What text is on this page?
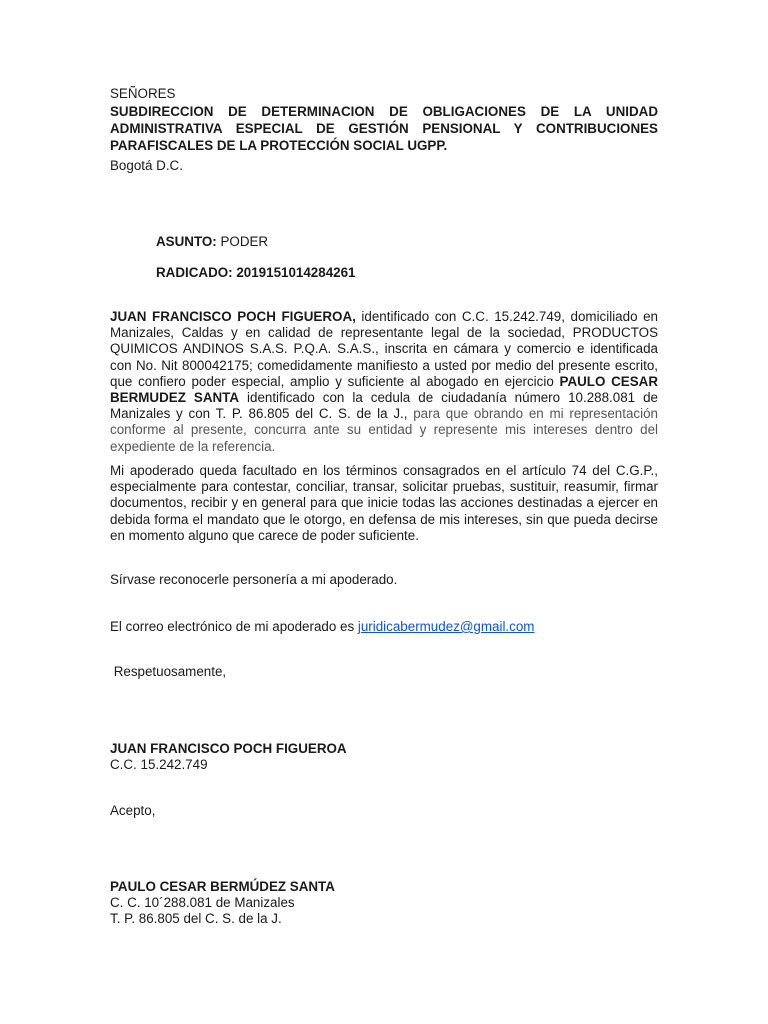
SEÑORES
SUBDIRECCION DE DETERMINACION DE OBLIGACIONES DE LA UNIDAD ADMINISTRATIVA ESPECIAL DE GESTIÓN PENSIONAL Y CONTRIBUCIONES PARAFISCALES DE LA PROTECCIÓN SOCIAL UGPP.
Bogotá D.C.
ASUNTO: PODER
RADICADO: 2019151014284261
JUAN FRANCISCO POCH FIGUEROA, identificado con C.C. 15.242.749, domiciliado en Manizales, Caldas y en calidad de representante legal de la sociedad, PRODUCTOS QUIMICOS ANDINOS S.A.S. P.Q.A. S.A.S., inscrita en cámara y comercio e identificada con No. Nit 800042175; comedidamente manifiesto a usted por medio del presente escrito, que confiero poder especial, amplio y suficiente al abogado en ejercicio PAULO CESAR BERMUDEZ SANTA identificado con la cedula de ciudadanía número 10.288.081 de Manizales y con T. P. 86.805 del C. S. de la J., para que obrando en mi representación conforme al presente, concurra ante su entidad y represente mis intereses dentro del expediente de la referencia.
Mi apoderado queda facultado en los términos consagrados en el artículo 74 del C.G.P., especialmente para contestar, conciliar, transar, solicitar pruebas, sustituir, reasumir, firmar documentos, recibir y en general para que inicie todas las acciones destinadas a ejercer en debida forma el mandato que le otorgo, en defensa de mis intereses, sin que pueda decirse en momento alguno que carece de poder suficiente.
Sírvase reconocerle personería a mi apoderado.
El correo electrónico de mi apoderado es juridicabermudez@gmail.com
Respetuosamente,
JUAN FRANCISCO POCH FIGUEROA
C.C. 15.242.749
Acepto,
PAULO CESAR BERMÚDEZ SANTA
C. C. 10´288.081 de Manizales
T. P. 86.805 del C. S. de la J.
